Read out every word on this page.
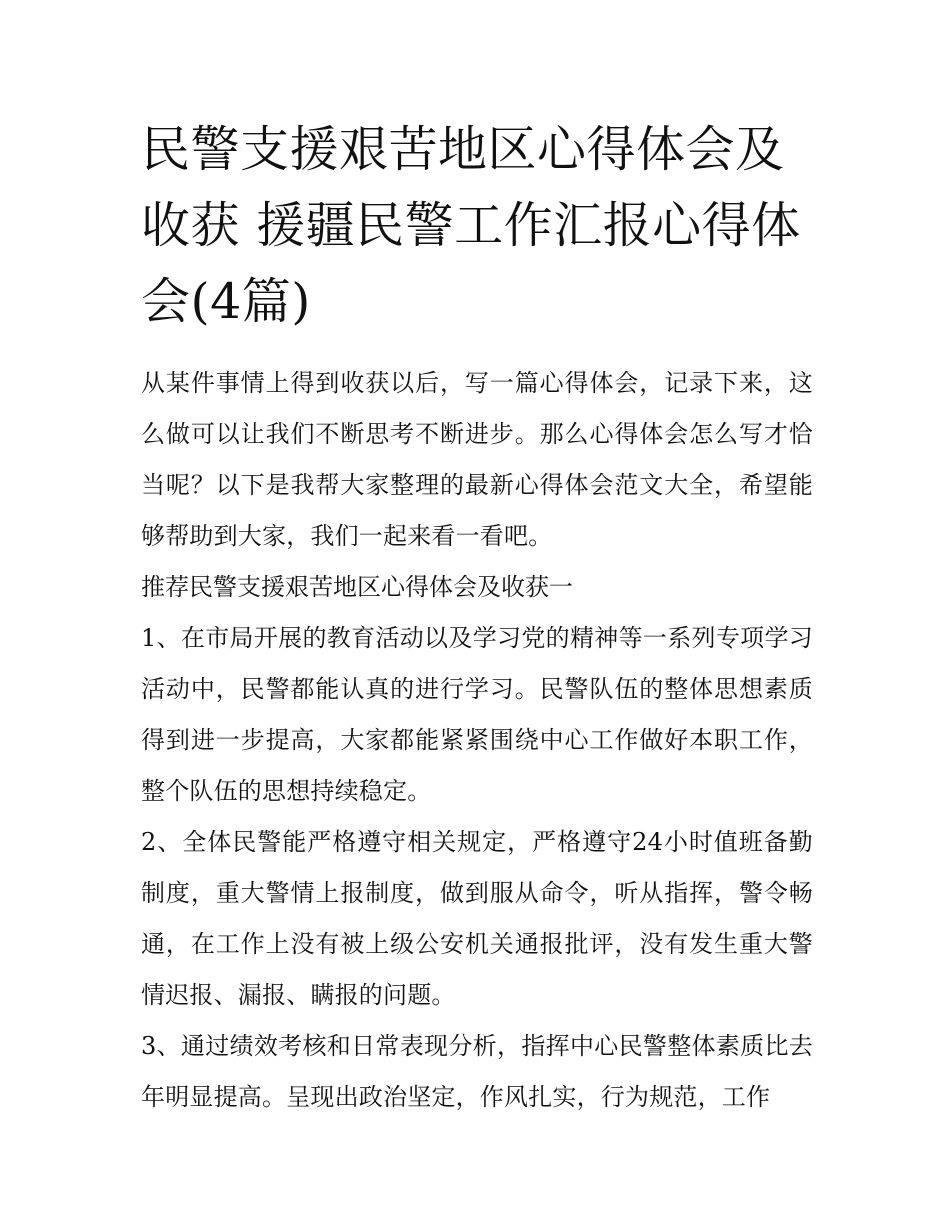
民警支援艰苦地区心得体会及收获 援疆民警工作汇报心得体会(4篇)

从某件事情上得到收获以后，写一篇心得体会，记录下来，这么做可以让我们不断思考不断进步。那么心得体会怎么写才恰当呢？以下是我帮大家整理的最新心得体会范文大全，希望能够帮助到大家，我们一起来看一看吧。

推荐民警支援艰苦地区心得体会及收获一

1、在市局开展的教育活动以及学习党的精神等一系列专项学习活动中，民警都能认真的进行学习。民警队伍的整体思想素质得到进一步提高，大家都能紧紧围绕中心工作做好本职工作，整个队伍的思想持续稳定。

2、全体民警能严格遵守相关规定，严格遵守24小时值班备勤制度，重大警情上报制度，做到服从命令，听从指挥，警令畅通，在工作上没有被上级公安机关通报批评，没有发生重大警情迟报、漏报、瞒报的问题。

3、通过绩效考核和日常表现分析，指挥中心民警整体素质比去年明显提高。呈现出政治坚定，作风扎实，行为规范，工作
